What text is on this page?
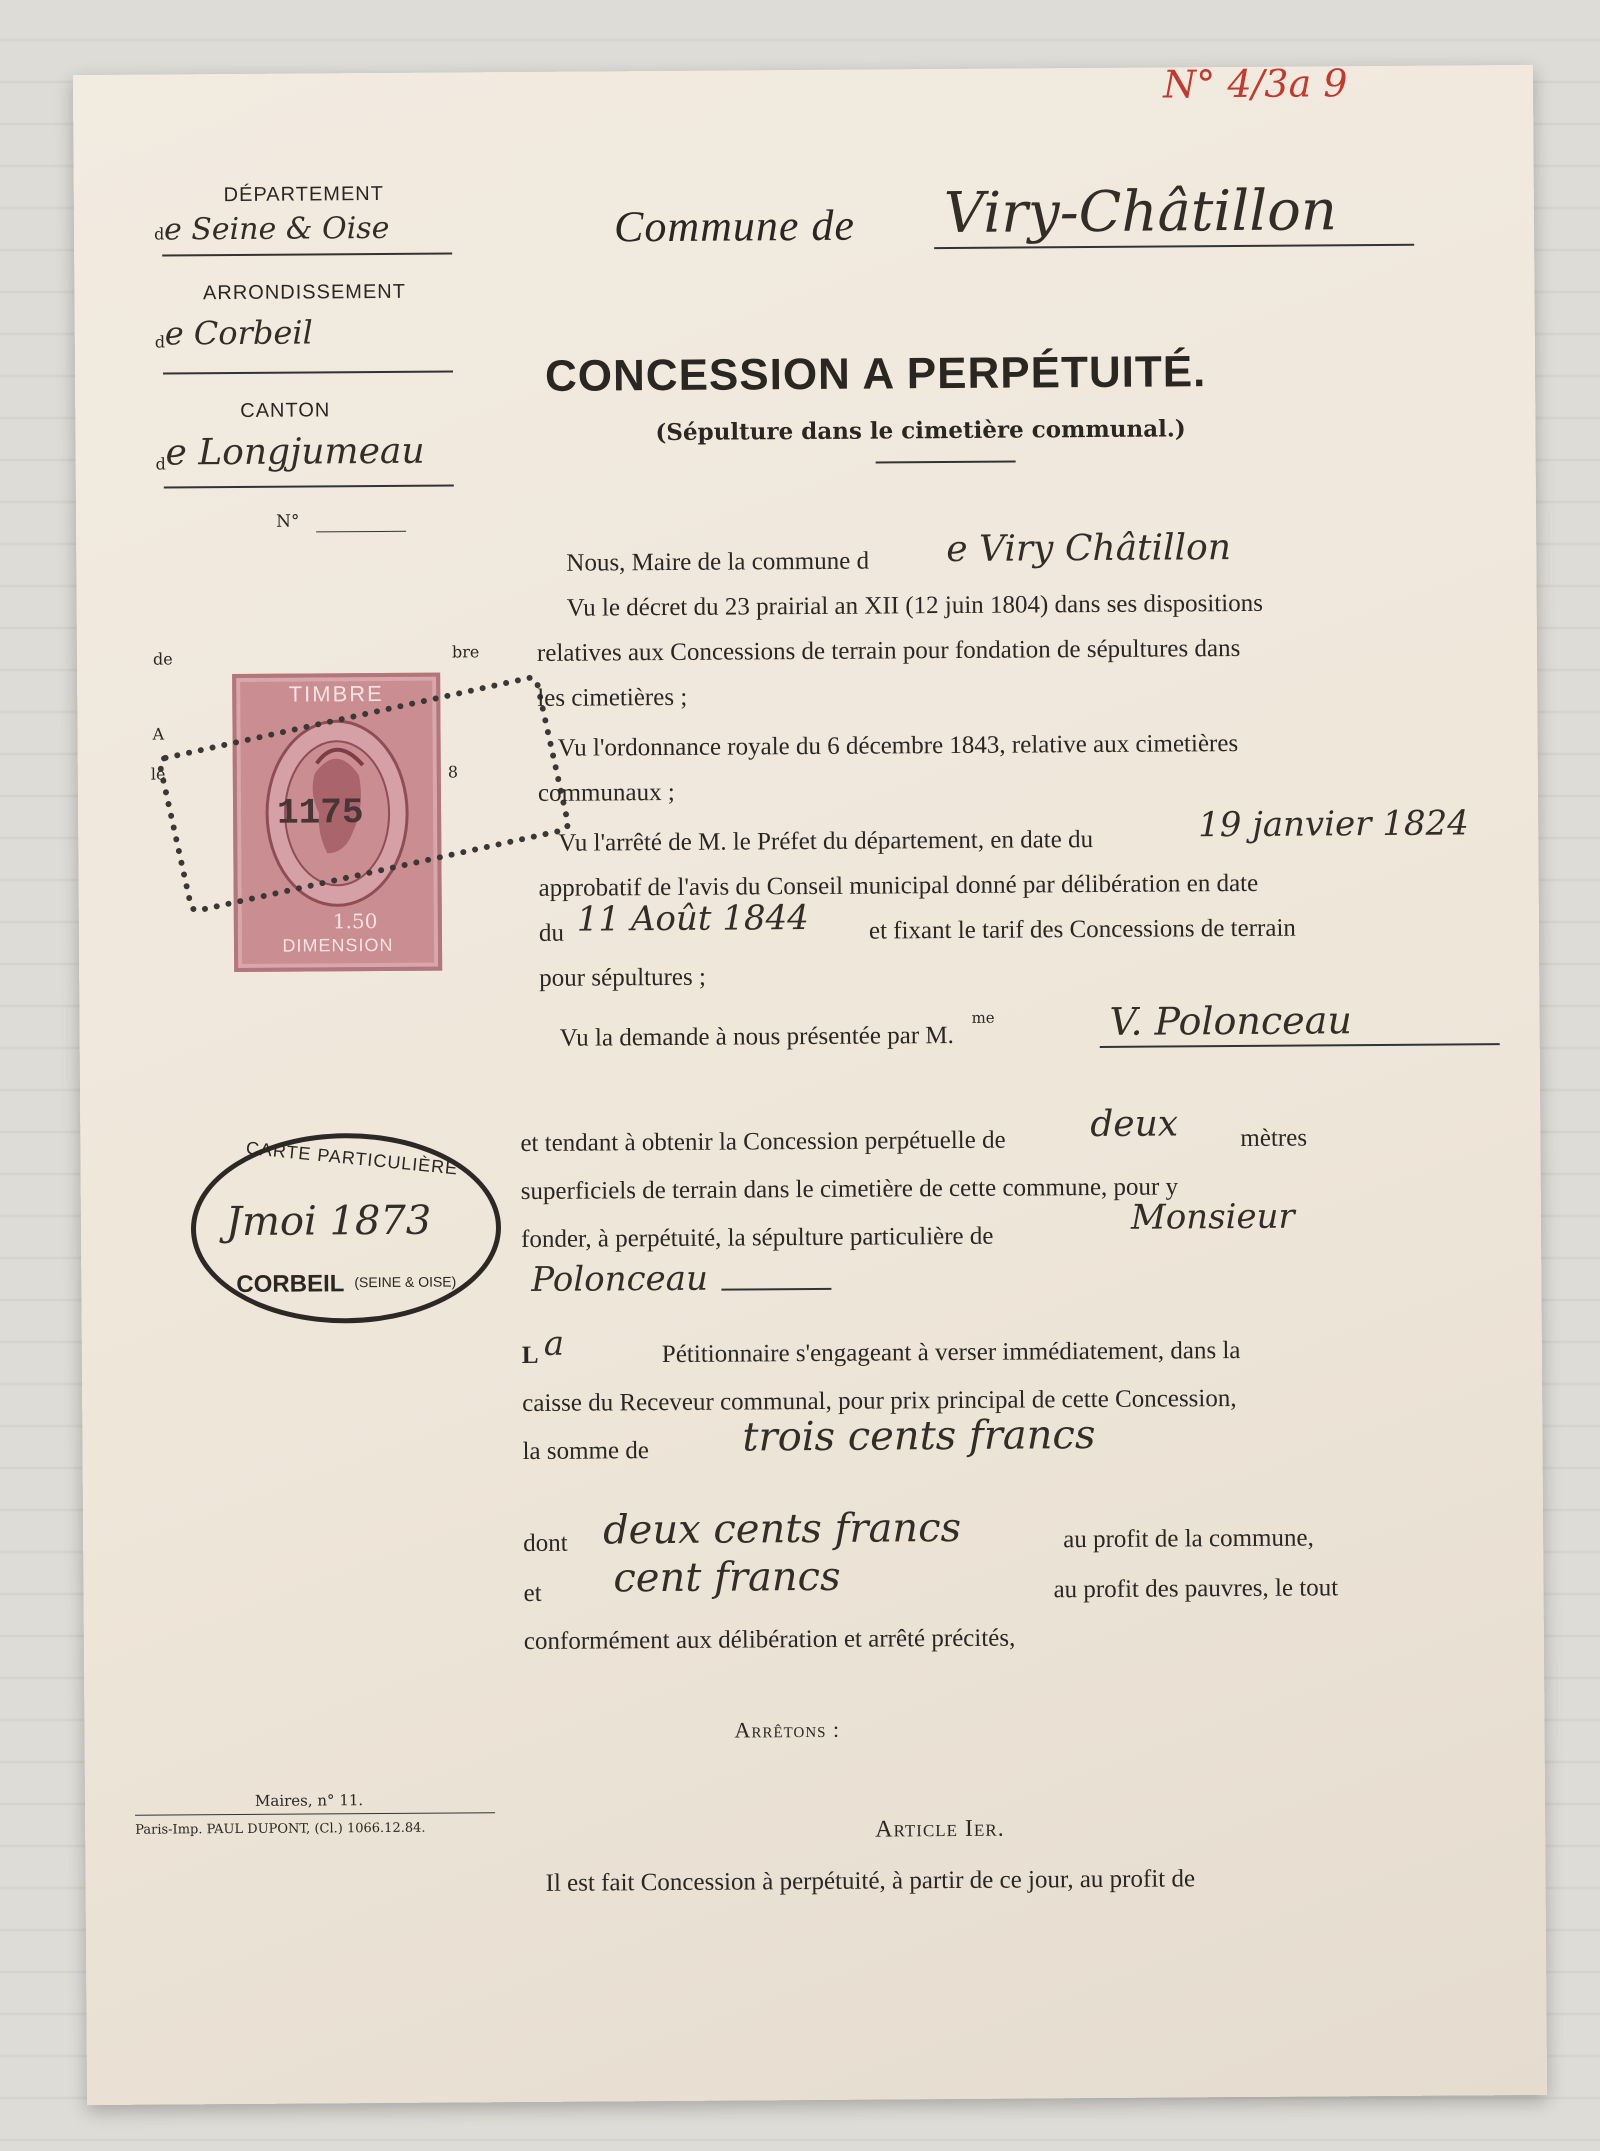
N° 4/3a 9
DÉPARTEMENT
d e Seine & Oise
ARRONDISSEMENT
d e Corbeil
CANTON
d e Longjumeau
N°
de
A
le
bre
8
TIMBRE
1175
1.50
DIMENSION
CARTE PARTICULIÈRE
Jmoi 1873
CORBEIL (SEINE & OISE)
Commune de Viry-Châtillon
CONCESSION A PERPÉTUITÉ.
(Sépulture dans le cimetière communal.)
Nous, Maire de la commune d e Viry Châtillon
Vu le décret du 23 prairial an XII (12 juin 1804) dans ses dispositions
relatives aux Concessions de terrain pour fondation de sépultures dans
les cimetières ;
Vu l'ordonnance royale du 6 décembre 1843, relative aux cimetières
communaux ;
Vu l'arrêté de M. le Préfet du département, en date du	19 janvier 1824
approbatif de l'avis du Conseil municipal donné par délibération en date
du 11 Août 1844 et fixant le tarif des Concessions de terrain
pour sépultures ;
Vu la demande à nous présentée par M.
me	V. Polonceau
et tendant à obtenir la Concession perpétuelle de deux mètres
superficiels de terrain dans le cimetière de cette commune, pour y
fonder, à perpétuité, la sépulture particulière de
Monsieur
Polonceau
L a	Pétitionnaire s'engageant à verser immédiatement, dans la
caisse du Receveur communal, pour prix principal de cette Concession,
la somme de trois cents francs
dont deux cents francs	au profit de la commune,
et cent francs	au profit des pauvres, le tout
conformément aux délibération et arrêté précités,
Arrêtons :
Article Ier.
Il est fait Concession à perpétuité, à partir de ce jour, au profit de
Maires, n° 11.
Paris-Imp. PAUL DUPONT, (Cl.) 1066.12.84.
